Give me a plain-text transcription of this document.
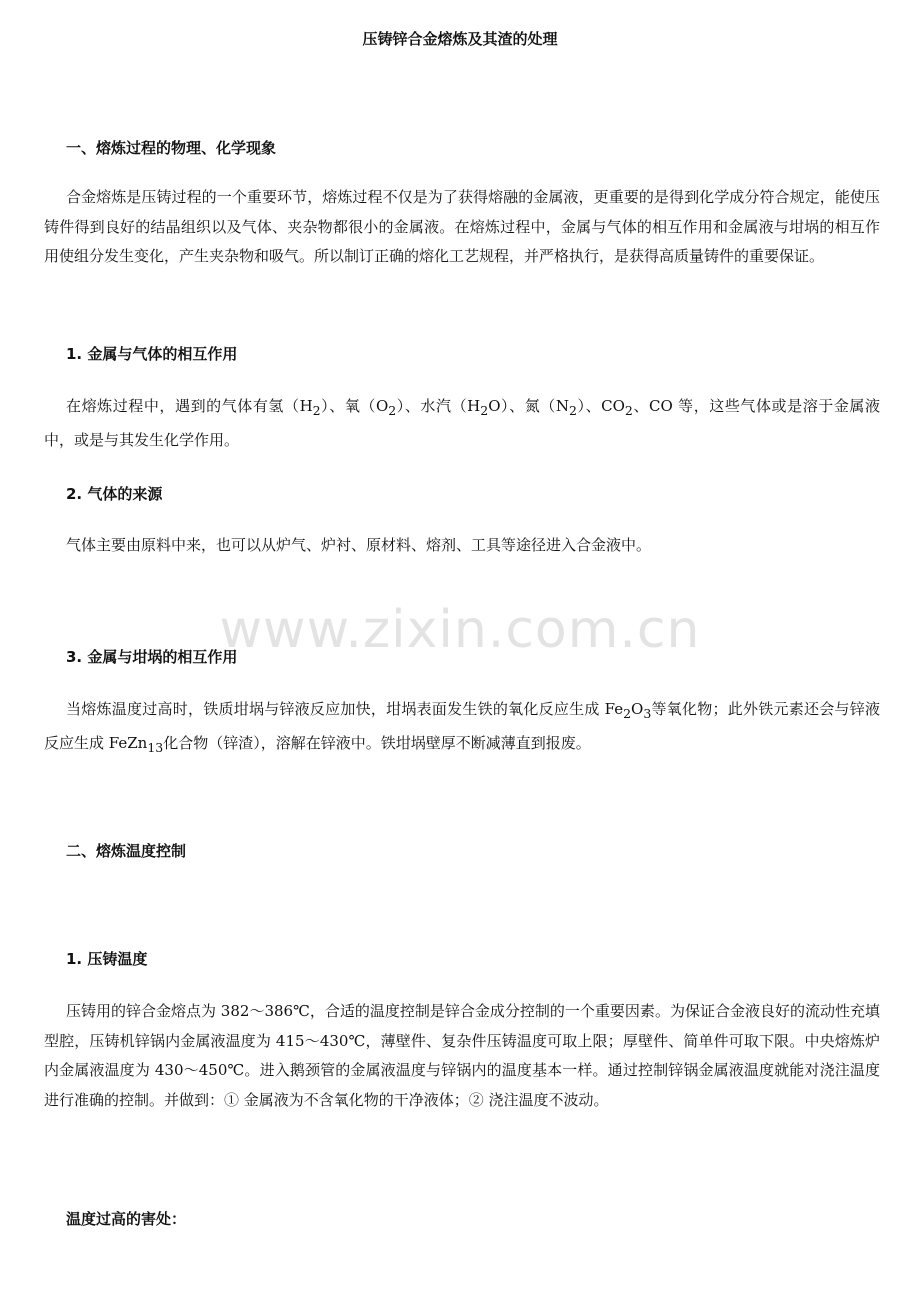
www.zixin.com.cn
压铸锌合金熔炼及其渣的处理
一、熔炼过程的物理、化学现象
合金熔炼是压铸过程的一个重要环节，熔炼过程不仅是为了获得熔融的金属液，更重要的是得到化学成分符合规定，能使压铸件得到良好的结晶组织以及气体、夹杂物都很小的金属液。在熔炼过程中，金属与气体的相互作用和金属液与坩埚的相互作用使组分发生变化，产生夹杂物和吸气。所以制订正确的熔化工艺规程，并严格执行，是获得高质量铸件的重要保证。
1. 金属与气体的相互作用
在熔炼过程中，遇到的气体有氢$(H_2)$、氧$(O_2)$、水汽$(H_2O)$、氮$(N_2)$、$CO_2$、CO 等，这些气体或是溶于金属液中，或是与其发生化学作用。
2. 气体的来源
气体主要由原料中来，也可以从炉气、炉衬、原材料、熔剂、工具等途径进入合金液中。
3. 金属与坩埚的相互作用
当熔炼温度过高时，铁质坩埚与锌液反应加快，坩埚表面发生铁的氧化反应生成 $Fe_2O_3$等氧化物；此外铁元素还会与锌液反应生成 FeZn$_{13}$化合物（锌渣），溶解在锌液中。铁坩埚壁厚不断减薄直到报废。
二、熔炼温度控制
1. 压铸温度
压铸用的锌合金熔点为 382～386℃，合适的温度控制是锌合金成分控制的一个重要因素。为保证合金液良好的流动性充填型腔，压铸机锌锅内金属液温度为 415～430℃，薄壁件、复杂件压铸温度可取上限；厚壁件、简单件可取下限。中央熔炼炉内金属液温度为 430～450℃。进入鹅颈管的金属液温度与锌锅内的温度基本一样。通过控制锌锅金属液温度就能对浇注温度进行准确的控制。并做到：① 金属液为不含氧化物的干净液体；② 浇注温度不波动。
温度过高的害处：
